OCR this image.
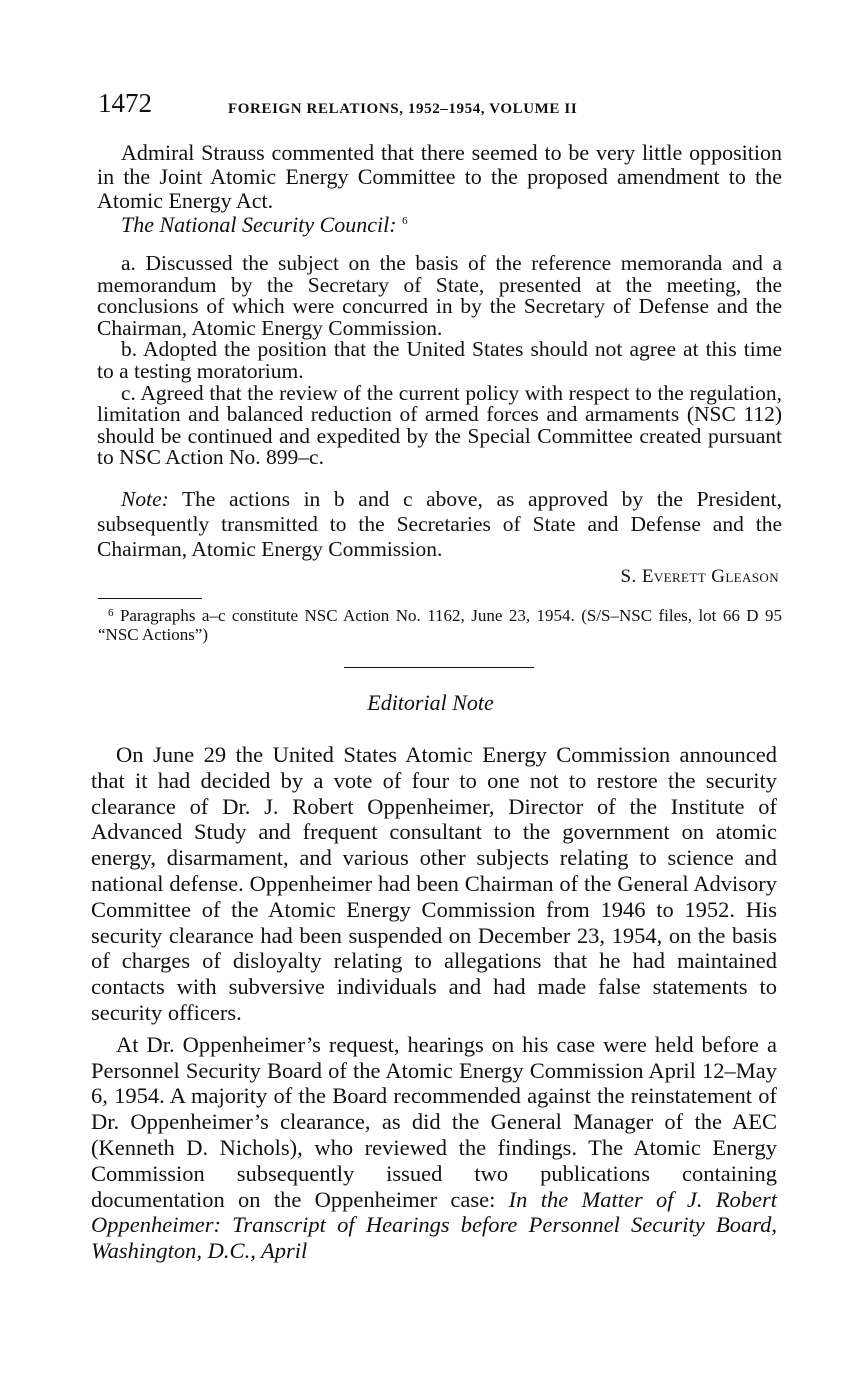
1472	FOREIGN RELATIONS, 1952–1954, VOLUME II

Admiral Strauss commented that there seemed to be very little opposition in the Joint Atomic Energy Committee to the proposed amendment to the Atomic Energy Act.

The National Security Council: $^6$

a. Discussed the subject on the basis of the reference memoranda and a memorandum by the Secretary of State, presented at the meeting, the conclusions of which were concurred in by the Secretary of Defense and the Chairman, Atomic Energy Commission.

b. Adopted the position that the United States should not agree at this time to a testing moratorium.

c. Agreed that the review of the current policy with respect to the regulation, limitation and balanced reduction of armed forces and armaments (NSC 112) should be continued and expedited by the Special Committee created pursuant to NSC Action No. 899–c.

Note: The actions in b and c above, as approved by the President, subsequently transmitted to the Secretaries of State and Defense and the Chairman, Atomic Energy Commission.

S. Everett Gleason

$^6$ Paragraphs a–c constitute NSC Action No. 1162, June 23, 1954. (S/S–NSC files, lot 66 D 95 “NSC Actions”)

Editorial Note

On June 29 the United States Atomic Energy Commission announced that it had decided by a vote of four to one not to restore the security clearance of Dr. J. Robert Oppenheimer, Director of the Institute of Advanced Study and frequent consultant to the government on atomic energy, disarmament, and various other subjects relating to science and national defense. Oppenheimer had been Chairman of the General Advisory Committee of the Atomic Energy Commission from 1946 to 1952. His security clearance had been suspended on December 23, 1954, on the basis of charges of disloyalty relating to allegations that he had maintained contacts with subversive individuals and had made false statements to security officers.

At Dr. Oppenheimer’s request, hearings on his case were held before a Personnel Security Board of the Atomic Energy Commission April 12–May 6, 1954. A majority of the Board recommended against the reinstatement of Dr. Oppenheimer’s clearance, as did the General Manager of the AEC (Kenneth D. Nichols), who reviewed the findings. The Atomic Energy Commission subsequently issued two publications containing documentation on the Oppenheimer case: In the Matter of J. Robert Oppenheimer: Transcript of Hearings before Personnel Security Board, Washington, D.C., April
